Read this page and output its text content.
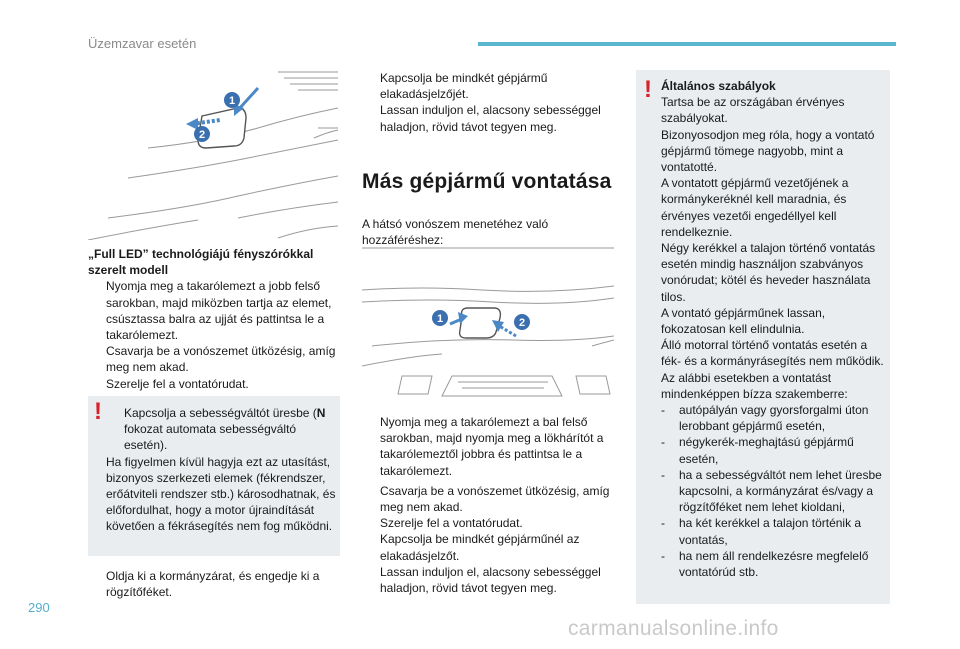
Üzemzavar esetén
1
2
„Full LED” technológiájú fényszórókkal szerelt modell
Nyomja meg a takarólemezt a jobb felső sarokban, majd miközben tartja az elemet, csúsztassa balra az ujját és pattintsa le a takarólemezt.
Csavarja be a vonószemet ütközésig, amíg meg nem akad.
Szerelje fel a vontatórudat.
!	Kapcsolja a sebességváltót üresbe (N fokozat automata sebességváltó esetén).
Ha figyelmen kívül hagyja ezt az utasítást, bizonyos szerkezeti elemek (fékrendszer, erőátviteli rendszer stb.) károsodhatnak, és előfordulhat, hogy a motor újraindítását követően a fékrásegítés nem fog működni.
Oldja ki a kormányzárat, és engedje ki a rögzítőféket.
Kapcsolja be mindkét gépjármű elakadásjelzőjét.
Lassan induljon el, alacsony sebességgel haladjon, rövid távot tegyen meg.
Más gépjármű vontatása
A hátsó vonószem menetéhez való hozzáféréshez:
1	2
Nyomja meg a takarólemezt a bal felső sarokban, majd nyomja meg a lökhárítót a takarólemeztől jobbra és pattintsa le a takarólemezt.
Csavarja be a vonószemet ütközésig, amíg meg nem akad.
Szerelje fel a vontatórudat.
Kapcsolja be mindkét gépjárműnél az elakadásjelzőt.
Lassan induljon el, alacsony sebességgel haladjon, rövid távot tegyen meg.
! Általános szabályok
Tartsa be az országában érvényes szabályokat.
Bizonyosodjon meg róla, hogy a vontató gépjármű tömege nagyobb, mint a vontatotté.
A vontatott gépjármű vezetőjének a kormánykeréknél kell maradnia, és érvényes vezetői engedéllyel kell rendelkeznie.
Négy kerékkel a talajon történő vontatás esetén mindig használjon szabványos vonórudat; kötél és heveder használata tilos.
A vontató gépjárműnek lassan, fokozatosan kell elindulnia.
Álló motorral történő vontatás esetén a fék- és a kormányrásegítés nem működik.
Az alábbi esetekben a vontatást mindenképpen bízza szakemberre:
- autópályán vagy gyorsforgalmi úton lerobbant gépjármű esetén,
- négykerék-meghajtású gépjármű esetén,
- ha a sebességváltót nem lehet üresbe kapcsolni, a kormányzárat és/vagy a rögzítőféket nem lehet kioldani,
- ha két kerékkel a talajon történik a vontatás,
- ha nem áll rendelkezésre megfelelő vontatórúd stb.
290
carmanualsonline.info
